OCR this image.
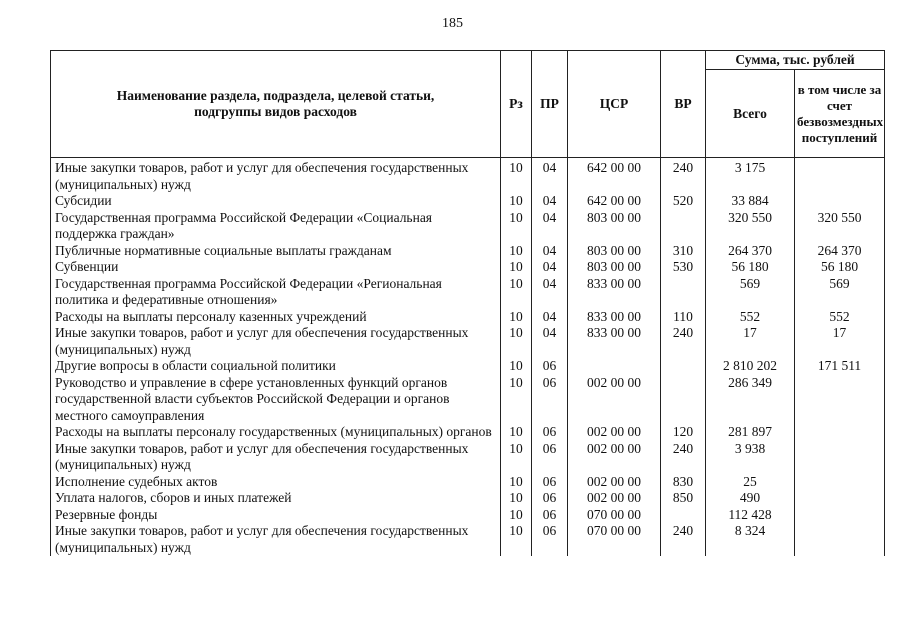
185
Наименование раздела, подраздела, целевой статьи, подгруппы видов расходов	Рз	ПР	ЦСР	ВР	Сумма, тыс. рублей	
					Всего	в том числе за счет безвозмездных поступлений
Иные закупки товаров, работ и услуг для обеспечения государственных (муниципальных) нужд	10	04	642 00 00	240	3 175	
Субсидии	10	04	642 00 00	520	33 884	
Государственная программа Российской Федерации «Социальная поддержка граждан»	10	04	803 00 00		320 550	320 550
Публичные нормативные социальные выплаты гражданам	10	04	803 00 00	310	264 370	264 370
Субвенции	10	04	803 00 00	530	56 180	56 180
Государственная программа Российской Федерации «Региональная политика и федеративные отношения»	10	04	833 00 00		569	569
Расходы на выплаты персоналу казенных учреждений	10	04	833 00 00	110	552	552
Иные закупки товаров, работ и услуг для обеспечения государственных (муниципальных) нужд	10	04	833 00 00	240	17	17
Другие вопросы в области социальной политики	10	06			2 810 202	171 511
Руководство и управление в сфере установленных функций органов государственной власти субъектов Российской Федерации и органов местного самоуправления	10	06	002 00 00		286 349	
Расходы на выплаты персоналу государственных (муниципальных) органов	10	06	002 00 00	120	281 897	
Иные закупки товаров, работ и услуг для обеспечения государственных (муниципальных) нужд	10	06	002 00 00	240	3 938	
Исполнение судебных актов	10	06	002 00 00	830	25	
Уплата налогов, сборов и иных платежей	10	06	002 00 00	850	490	
Резервные фонды	10	06	070 00 00		112 428	
Иные закупки товаров, работ и услуг для обеспечения государственных (муниципальных) нужд	10	06	070 00 00	240	8 324	
